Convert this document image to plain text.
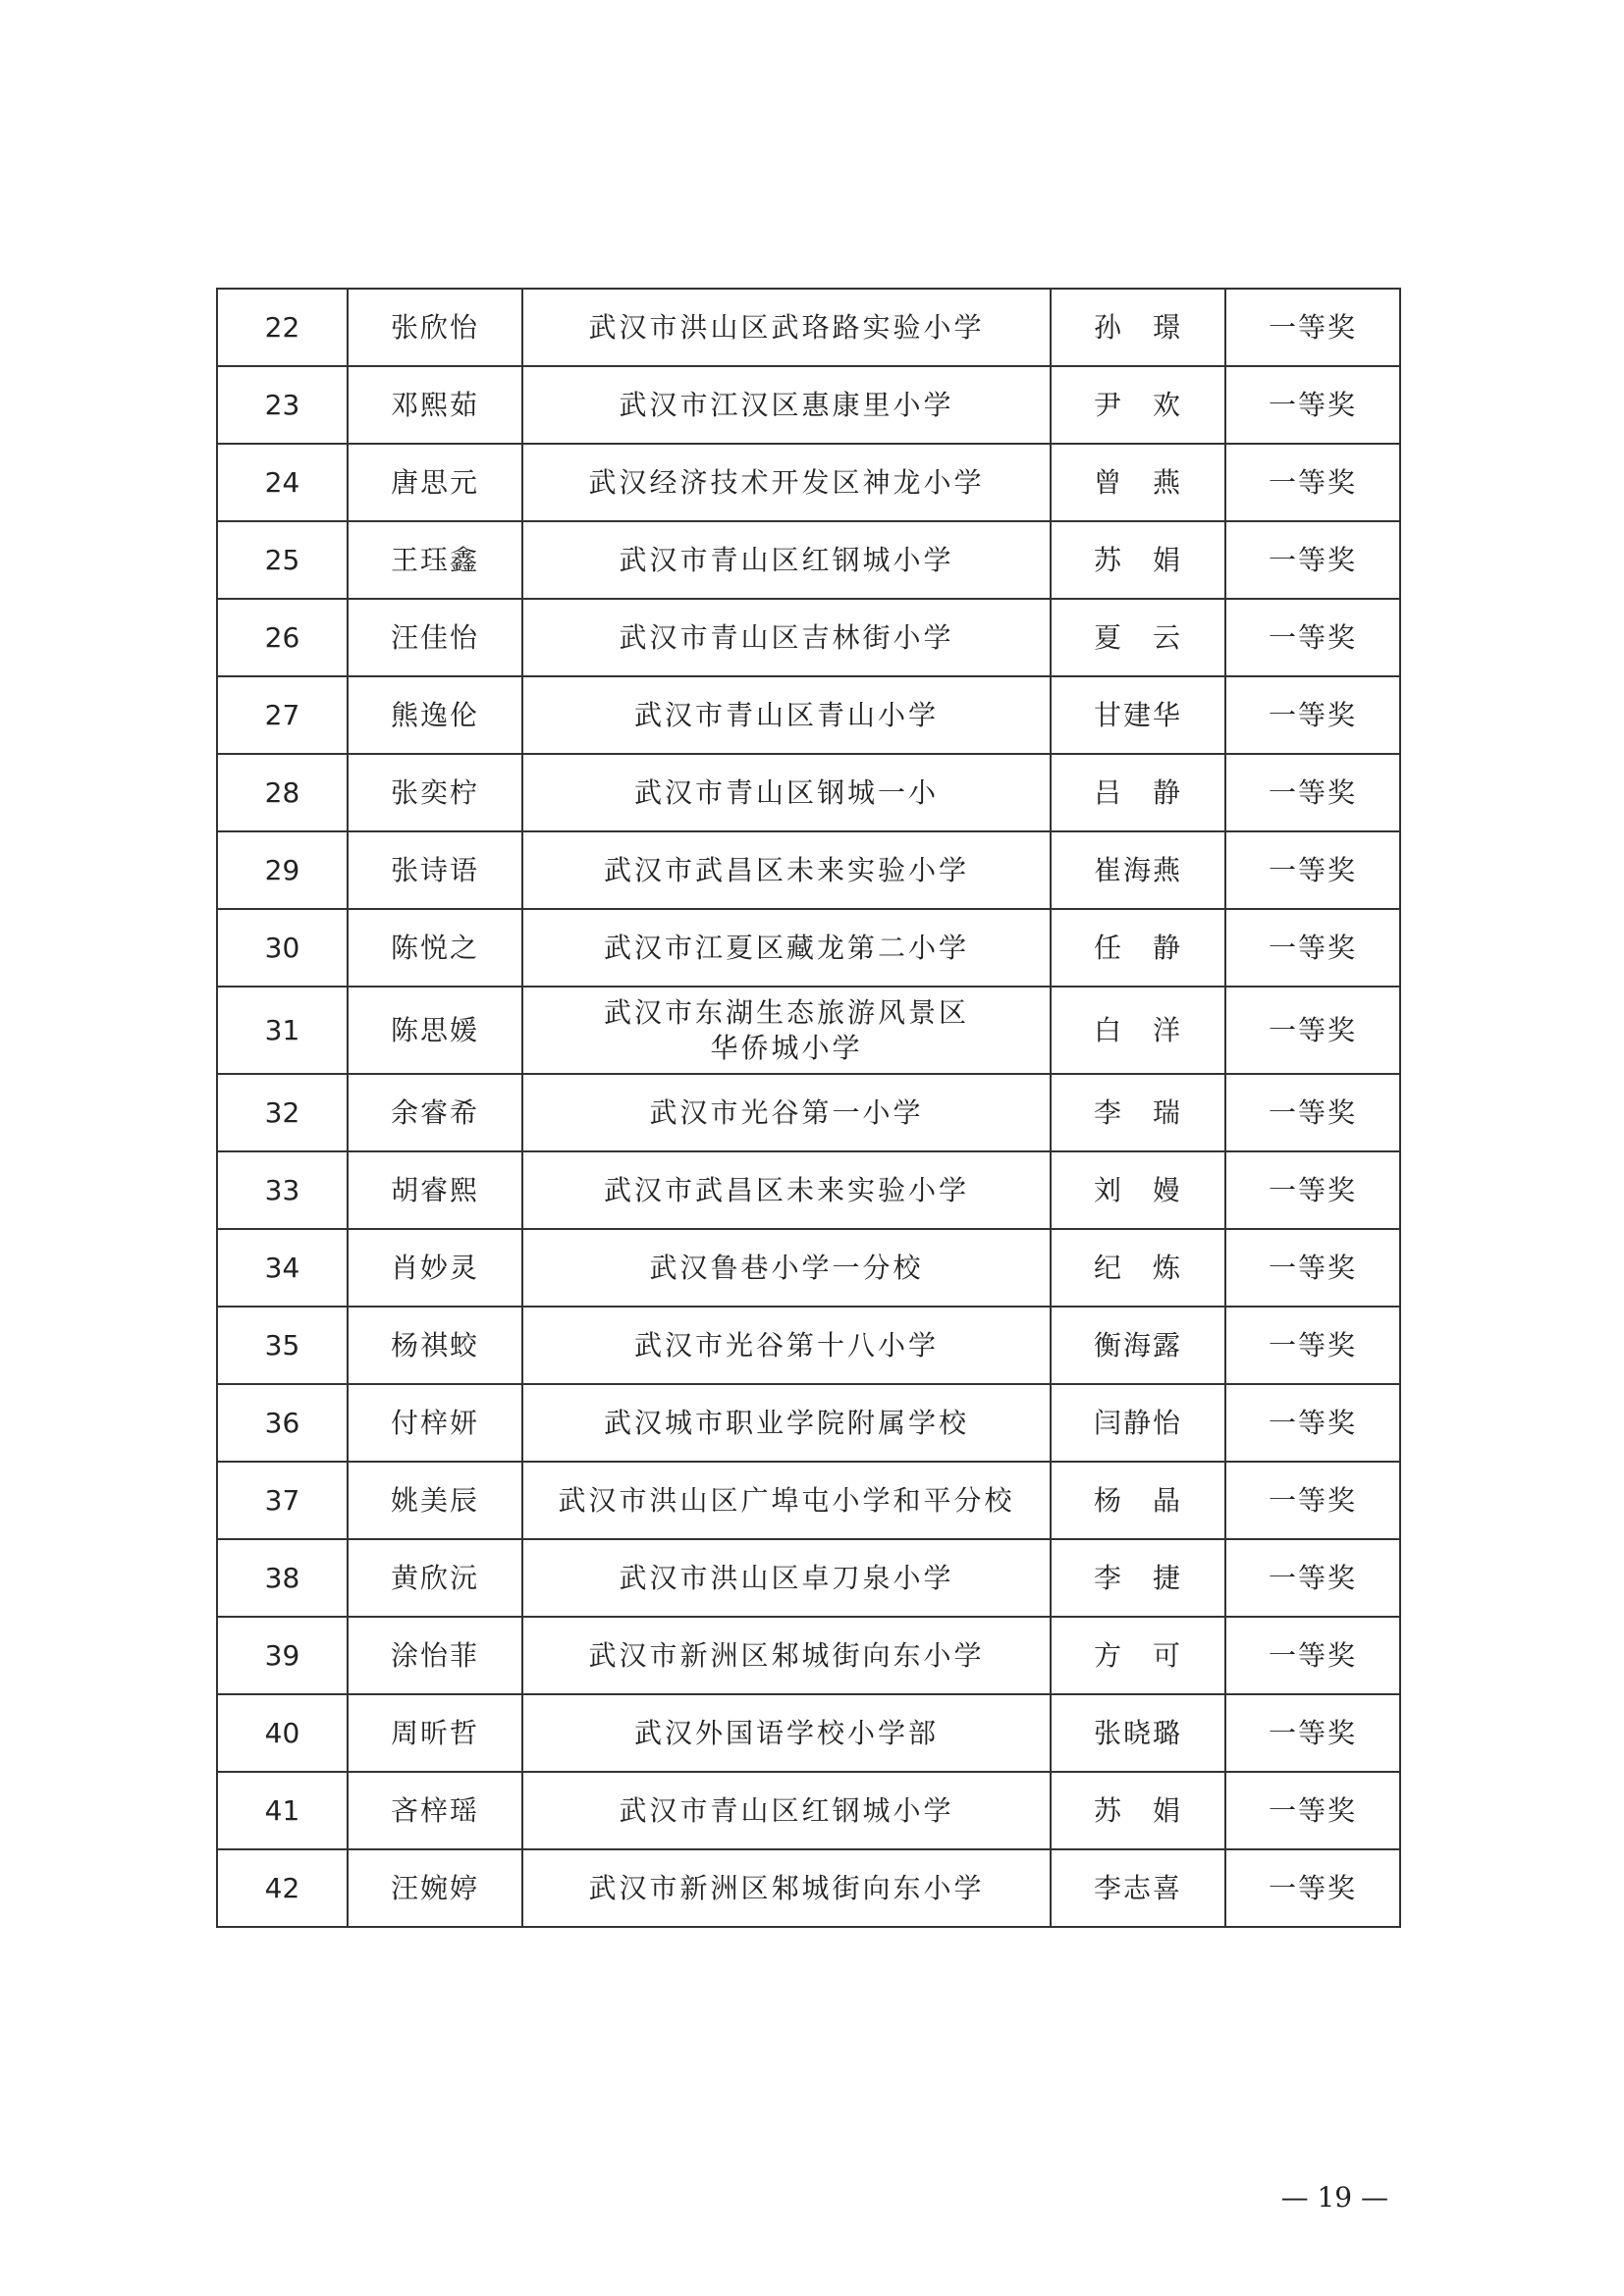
22	张欣怡	武汉市洪山区武珞路实验小学	孙　璟	一等奖
23	邓熙茹	武汉市江汉区惠康里小学	尹　欢	一等奖
24	唐思元	武汉经济技术开发区神龙小学	曾　燕	一等奖
25	王珏鑫	武汉市青山区红钢城小学	苏　娟	一等奖
26	汪佳怡	武汉市青山区吉林街小学	夏　云	一等奖
27	熊逸伦	武汉市青山区青山小学	甘建华	一等奖
28	张奕柠	武汉市青山区钢城一小	吕　静	一等奖
29	张诗语	武汉市武昌区未来实验小学	崔海燕	一等奖
30	陈悦之	武汉市江夏区藏龙第二小学	任　静	一等奖
31	陈思媛	武汉市东湖生态旅游风景区
华侨城小学	白　洋	一等奖
32	余睿希	武汉市光谷第一小学	李　瑞	一等奖
33	胡睿熙	武汉市武昌区未来实验小学	刘　嫚	一等奖
34	肖妙灵	武汉鲁巷小学一分校	纪　炼	一等奖
35	杨祺蛟	武汉市光谷第十八小学	衡海露	一等奖
36	付梓妍	武汉城市职业学院附属学校	闫静怡	一等奖
37	姚美辰	武汉市洪山区广埠屯小学和平分校	杨　晶	一等奖
38	黄欣沅	武汉市洪山区卓刀泉小学	李　捷	一等奖
39	涂怡菲	武汉市新洲区邾城街向东小学	方　可	一等奖
40	周昕哲	武汉外国语学校小学部	张晓璐	一等奖
41	吝梓瑶	武汉市青山区红钢城小学	苏　娟	一等奖
42	汪婉婷	武汉市新洲区邾城街向东小学	李志喜	一等奖
— 19 —
